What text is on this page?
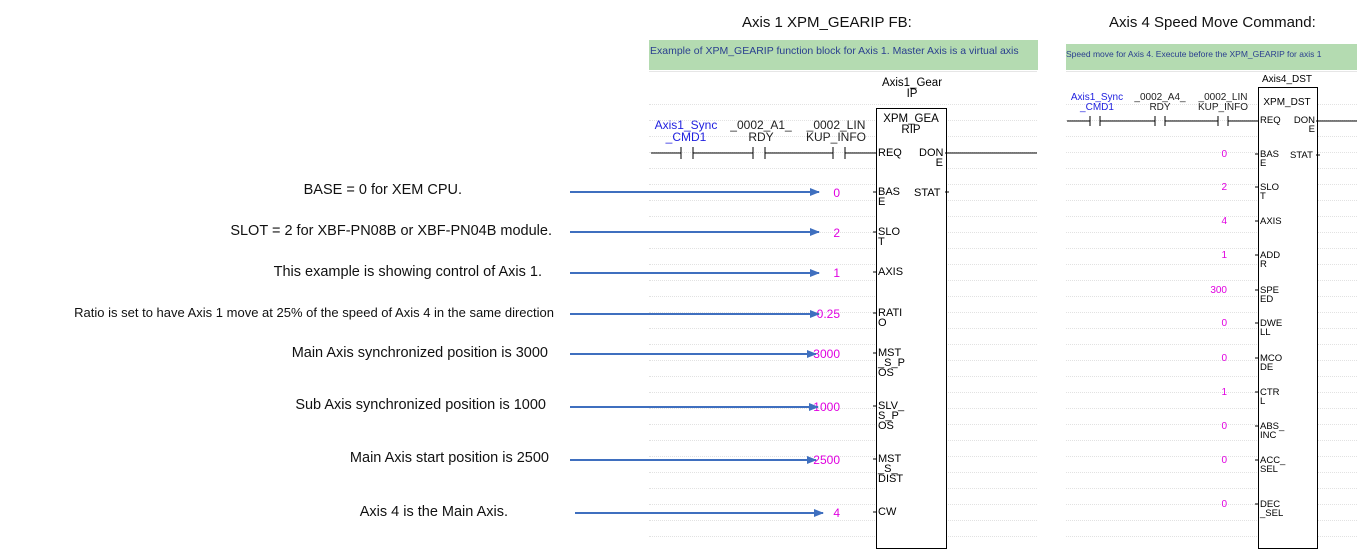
Axis 1 XPM_GEARIP FB:	Axis 4 Speed Move Command:
Example of XPM_GEARIP function block for Axis 1. Master Axis is a virtual axis	Speed move for Axis 4. Execute before the XPM_GEARIP for axis 1
BASE = 0 for XEM CPU.
SLOT = 2 for XBF-PN08B or XBF-PN04B module.
This example is showing control of Axis 1.
Ratio is set to have Axis 1 move at 25% of the speed of Axis 4 in the same direction
Main Axis synchronized position is 3000
Sub Axis synchronized position is 1000
Main Axis start position is 2500
Axis 4 is the Main Axis.
Axis1_Gear
IP
XPM_GEA
RIP
REQ DON
E
STAT
Axis1_Sync
_CMD1
_0002_A1_
RDY
_0002_LIN
KUP_INFO
BAS
E
0
SLO
T
2
AXIS
1
RATI
O
0.25
MST
_S_P
OS
3000
SLV_
S_P
OS
1000
MST
_S_
DIST
2500
CW
4
Axis4_DST
XPM_DST
REQ	DON
E
STAT
Axis1_Sync
_CMD1
_0002_A4_
RDY
_0002_LIN
KUP_INFO
BAS
E
0
SLO
T
2
AXIS
4
ADD
R
1
SPE
ED
300
DWE
LL
0
MCO
DE
0
CTR
L
1
ABS_
INC
0
ACC_
SEL
0
DEC
_SEL
0
